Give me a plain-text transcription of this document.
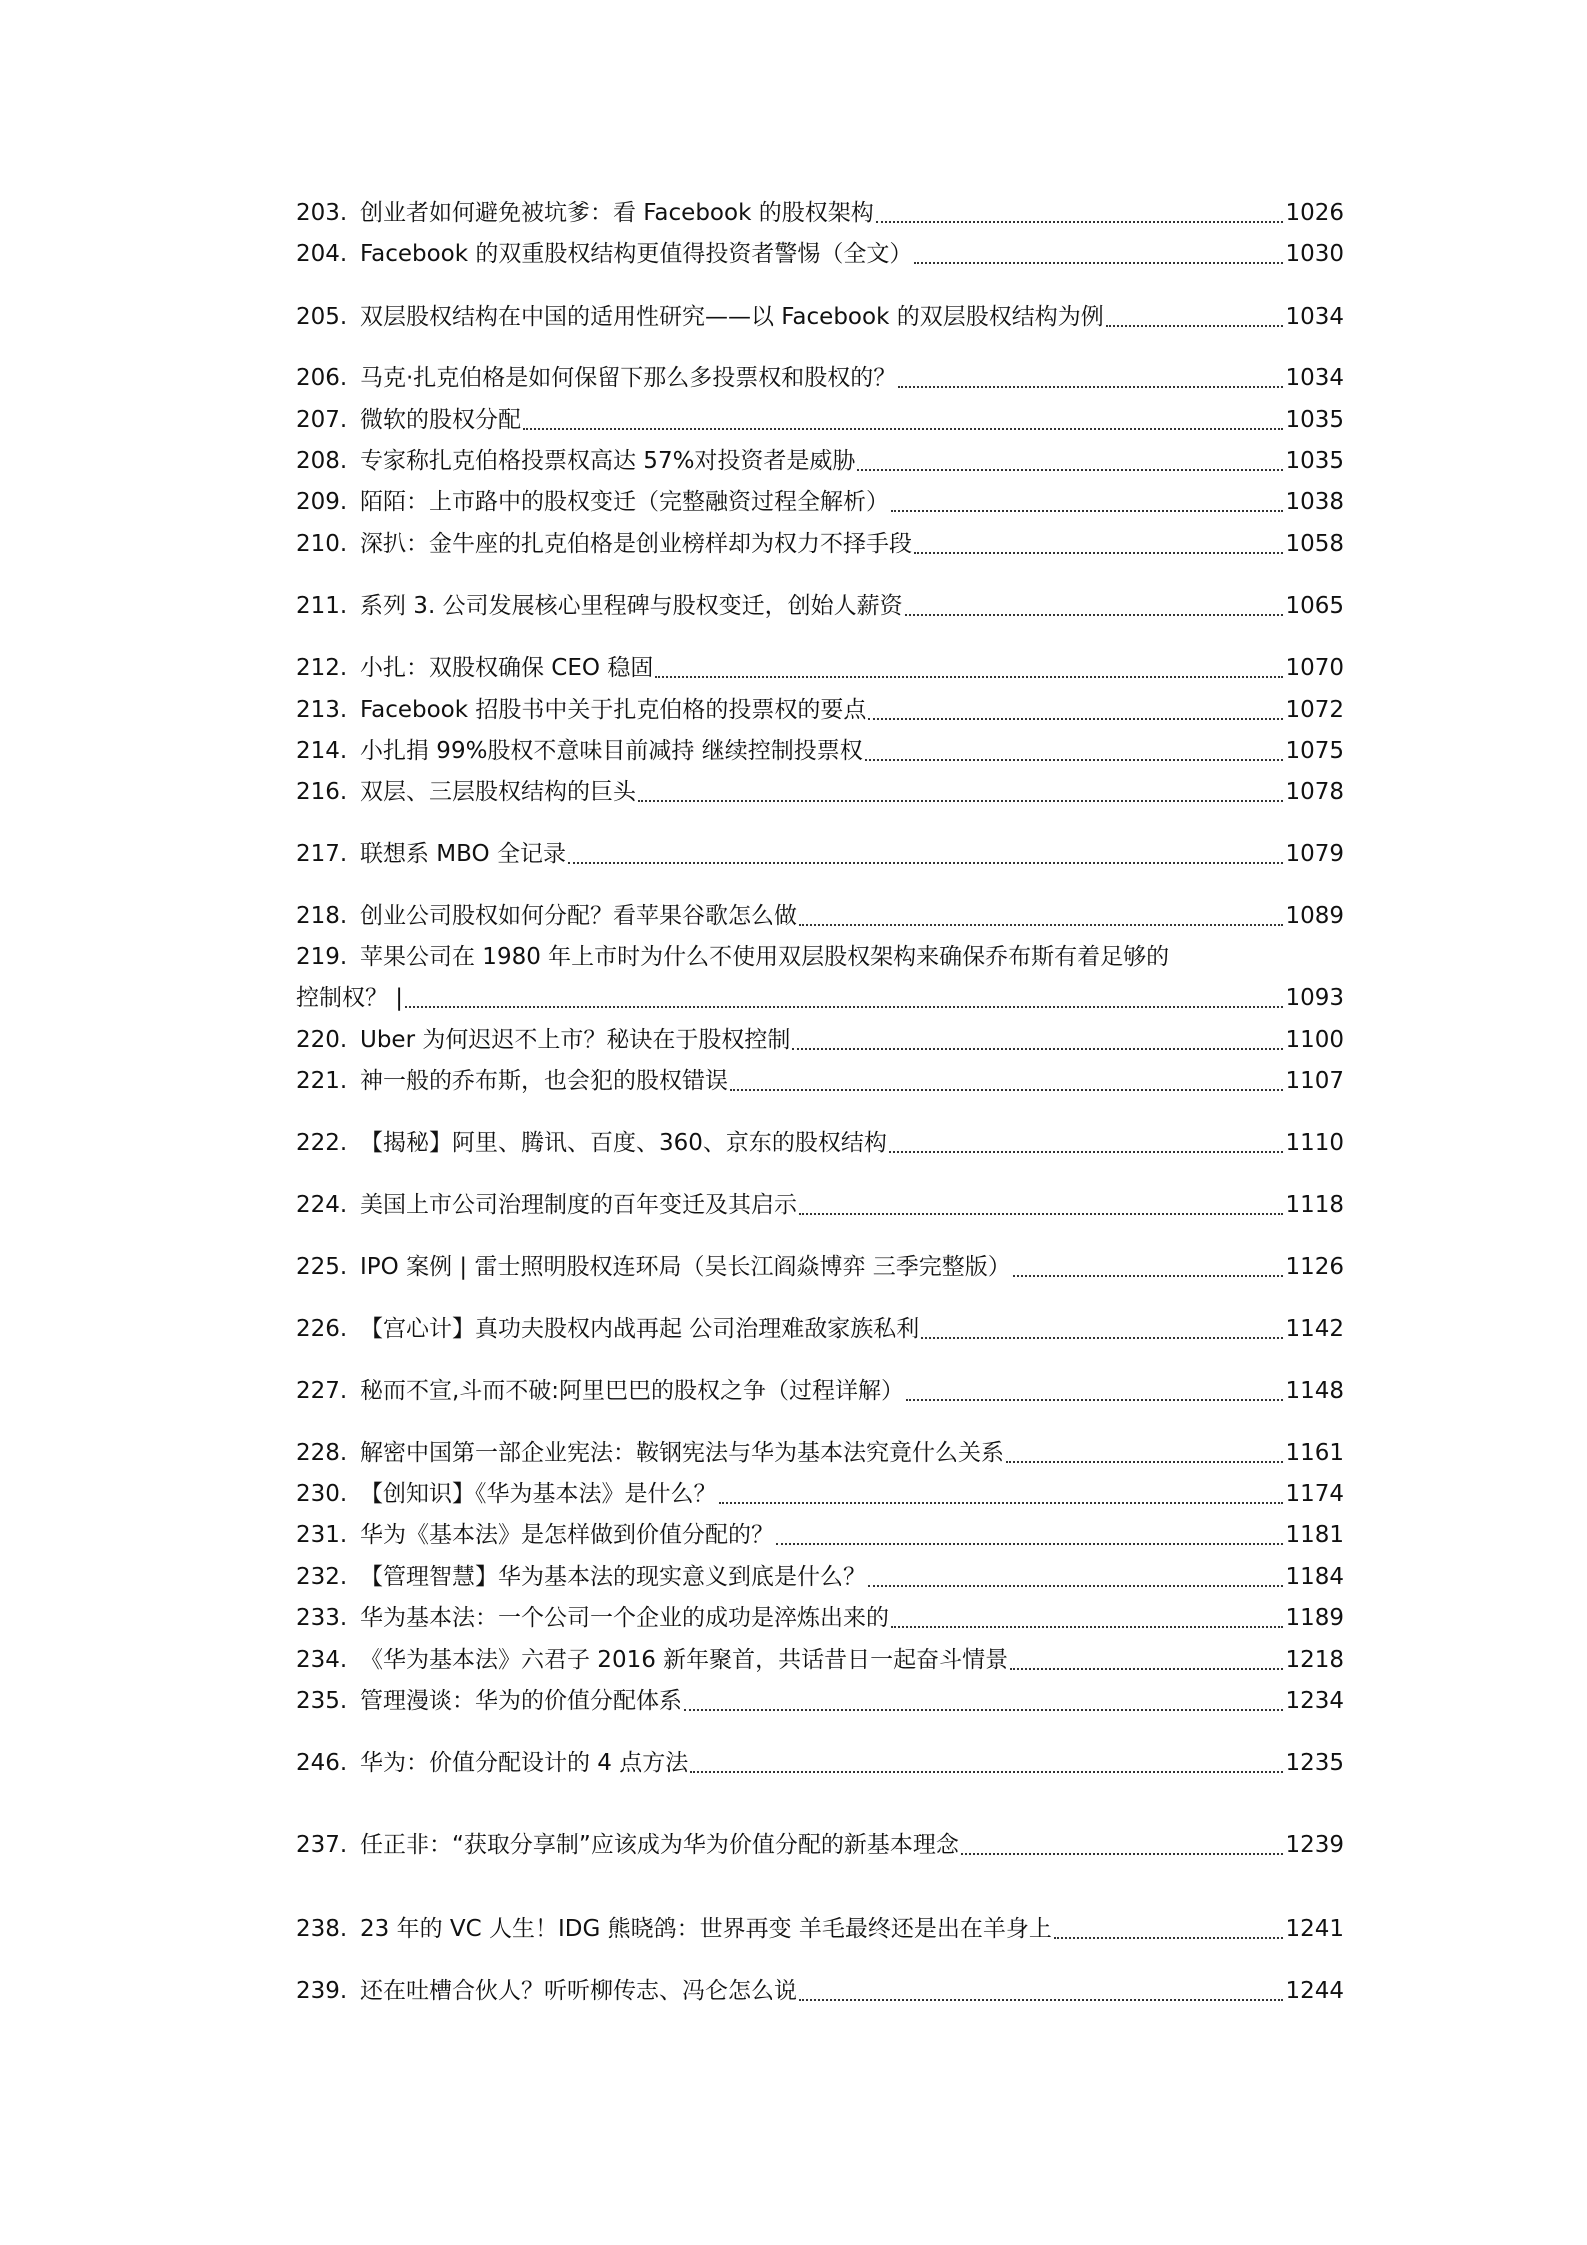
203. 创业者如何避免被坑爹：看 Facebook 的股权架构	1026
204. Facebook 的双重股权结构更值得投资者警惕（全文）	1030
205. 双层股权结构在中国的适用性研究——以 Facebook 的双层股权结构为例	1034
206. 马克·扎克伯格是如何保留下那么多投票权和股权的？	1034
207. 微软的股权分配	1035
208. 专家称扎克伯格投票权高达 57%对投资者是威胁	1035
209. 陌陌：上市路中的股权变迁（完整融资过程全解析）	1038
210. 深扒：金牛座的扎克伯格是创业榜样却为权力不择手段	1058
211. 系列 3. 公司发展核心里程碑与股权变迁，创始人薪资	1065
212. 小扎：双股权确保 CEO 稳固	1070
213. Facebook 招股书中关于扎克伯格的投票权的要点	1072
214. 小扎捐 99%股权不意味目前减持 继续控制投票权	1075
216. 双层、三层股权结构的巨头	1078
217. 联想系 MBO 全记录	1079
218. 创业公司股权如何分配？看苹果谷歌怎么做	1089
219. 苹果公司在 1980 年上市时为什么不使用双层股权架构来确保乔布斯有着足够的
控制权？ |	1093
220. Uber 为何迟迟不上市？秘诀在于股权控制	1100
221. 神一般的乔布斯，也会犯的股权错误	1107
222. 【揭秘】阿里、腾讯、百度、360、京东的股权结构	1110
224. 美国上市公司治理制度的百年变迁及其启示	1118
225. IPO 案例 | 雷士照明股权连环局（吴长江阎焱博弈 三季完整版）	1126
226. 【宫心计】真功夫股权内战再起 公司治理难敌家族私利	1142
227. 秘而不宣,斗而不破:阿里巴巴的股权之争（过程详解）	1148
228. 解密中国第一部企业宪法：鞍钢宪法与华为基本法究竟什么关系	1161
230. 【创知识】《华为基本法》是什么？	1174
231. 华为《基本法》是怎样做到价值分配的？	1181
232. 【管理智慧】华为基本法的现实意义到底是什么？	1184
233. 华为基本法：一个公司一个企业的成功是淬炼出来的	1189
234. 《华为基本法》六君子 2016 新年聚首，共话昔日一起奋斗情景	1218
235. 管理漫谈：华为的价值分配体系	1234
246. 华为：价值分配设计的 4 点方法	1235
237. 任正非：“获取分享制”应该成为华为价值分配的新基本理念	1239
238. 23 年的 VC 人生！IDG 熊晓鸽：世界再变 羊毛最终还是出在羊身上	1241
239. 还在吐槽合伙人？听听柳传志、冯仑怎么说	1244
